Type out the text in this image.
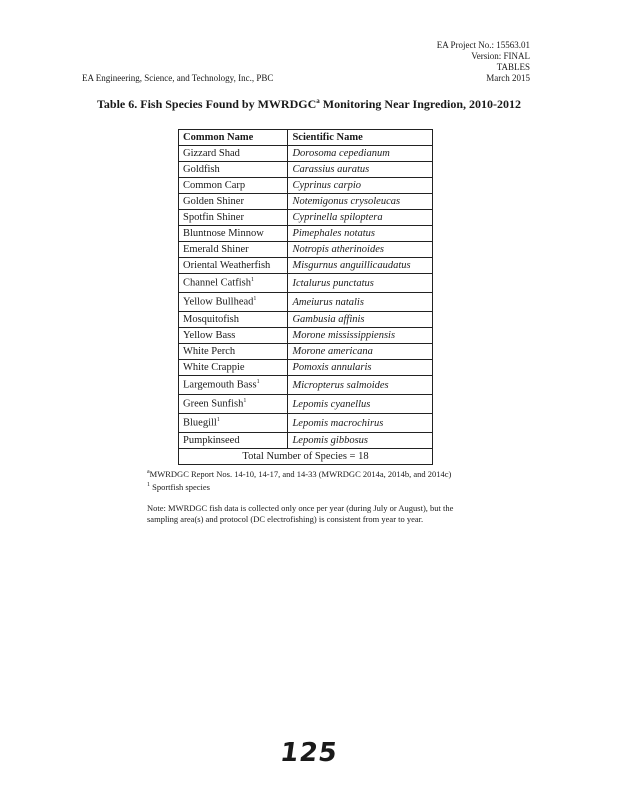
EA Project No.: 15563.01
Version: FINAL
TABLES
March 2015
EA Engineering, Science, and Technology, Inc., PBC
Table 6. Fish Species Found by MWRDGC$^a$ Monitoring Near Ingredion, 2010-2012
Common Name	Scientific Name
Gizzard Shad	Dorosoma cepedianum
Goldfish	Carassius auratus
Common Carp	Cyprinus carpio
Golden Shiner	Notemigonus crysoleucas
Spotfin Shiner	Cyprinella spiloptera
Bluntnose Minnow	Pimephales notatus
Emerald Shiner	Notropis atherinoides
Oriental Weatherfish	Misgurnus anguillicaudatus
Channel Catfish$^1$	Ictalurus punctatus
Yellow Bullhead$^1$	Ameiurus natalis
Mosquitofish	Gambusia affinis
Yellow Bass	Morone mississippiensis
White Perch	Morone americana
White Crappie	Pomoxis annularis
Largemouth Bass$^1$	Micropterus salmoides
Green Sunfish$^1$	Lepomis cyanellus
Bluegill$^1$	Lepomis macrochirus
Pumpkinseed	Lepomis gibbosus
Total Number of Species = 18	

$^a$MWRDGC Report Nos. 14-10, 14-17, and 14-33 (MWRDGC 2014a, 2014b, and 2014c)

$^1$ Sportfish species

Note: MWRDGC fish data is collected only once per year (during July or August), but the sampling area(s) and protocol (DC electrofishing) is consistent from year to year.

125
